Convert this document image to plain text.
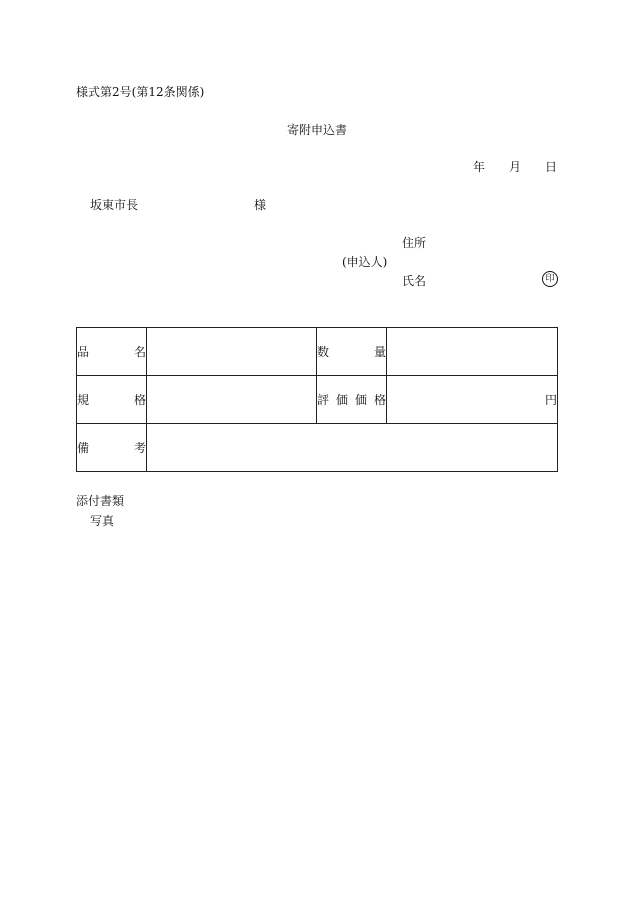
様式第2号(第12条関係)
寄附申込書
年 月 日
坂東市長	様
住所
(申込人)
氏名	印
品 名		数 量	

規 格		評 価 価 格	円

備 考			

添付書類
写真
